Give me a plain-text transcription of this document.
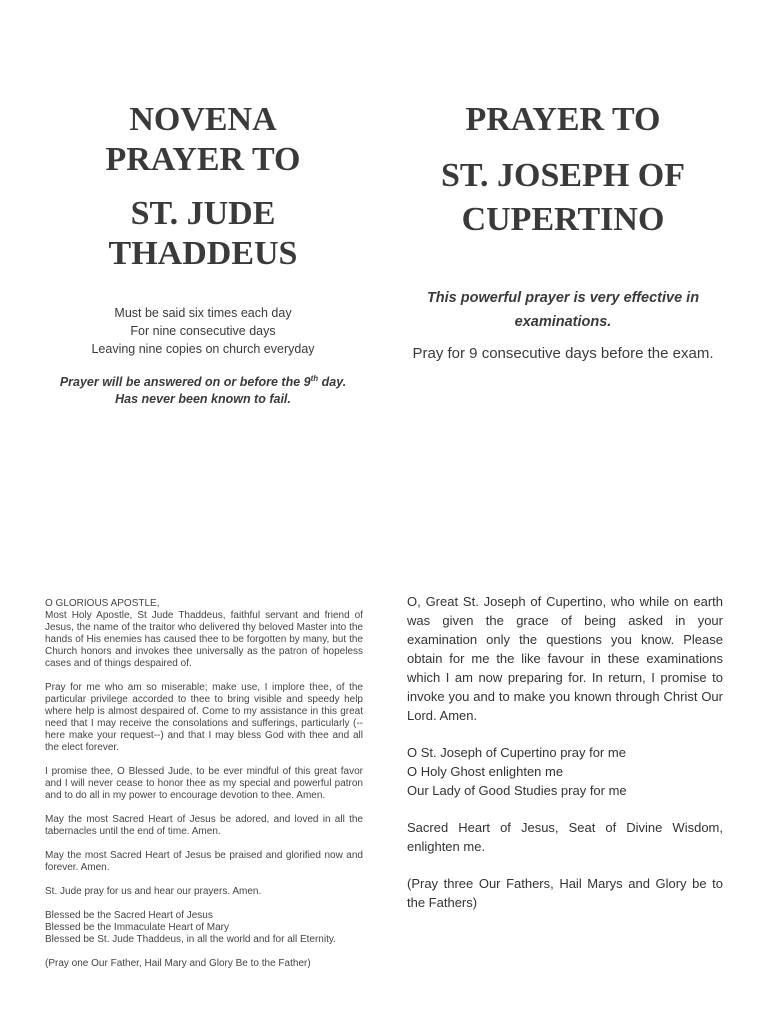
NOVENA
PRAYER TO
ST. JUDE
THADDEUS
Must be said six times each day
For nine consecutive days
Leaving nine copies on church everyday
Prayer will be answered on or before the 9th day.
Has never been known to fail.
PRAYER TO
ST. JOSEPH OF
CUPERTINO
This powerful prayer is very effective in examinations.
Pray for 9 consecutive days before the exam.

O GLORIOUS APOSTLE,
Most Holy Apostle, St Jude Thaddeus, faithful servant and friend of Jesus, the name of the traitor who delivered thy beloved Master into the hands of His enemies has caused thee to be forgotten by many, but the Church honors and invokes thee universally as the patron of hopeless cases and of things despaired of.

Pray for me who am so miserable; make use, I implore thee, of the particular privilege accorded to thee to bring visible and speedy help where help is almost despaired of. Come to my assistance in this great need that I may receive the consolations and sufferings, particularly (-- here make your request--) and that I may bless God with thee and all the elect forever.

I promise thee, O Blessed Jude, to be ever mindful of this great favor and I will never cease to honor thee as my special and powerful patron and to do all in my power to encourage devotion to thee. Amen.

May the most Sacred Heart of Jesus be adored, and loved in all the tabernacles until the end of time. Amen.

May the most Sacred Heart of Jesus be praised and glorified now and forever. Amen.

St. Jude pray for us and hear our prayers. Amen.

Blessed be the Sacred Heart of Jesus
Blessed be the Immaculate Heart of Mary
Blessed be St. Jude Thaddeus, in all the world and for all Eternity.

(Pray one Our Father, Hail Mary and Glory Be to the Father)

O, Great St. Joseph of Cupertino, who while on earth was given the grace of being asked in your examination only the questions you know. Please obtain for me the like favour in these examinations which I am now preparing for. In return, I promise to invoke you and to make you known through Christ Our Lord. Amen.

O St. Joseph of Cupertino pray for me
O Holy Ghost enlighten me
Our Lady of Good Studies pray for me

Sacred Heart of Jesus, Seat of Divine Wisdom, enlighten me.

(Pray three Our Fathers, Hail Marys and Glory be to the Fathers)
